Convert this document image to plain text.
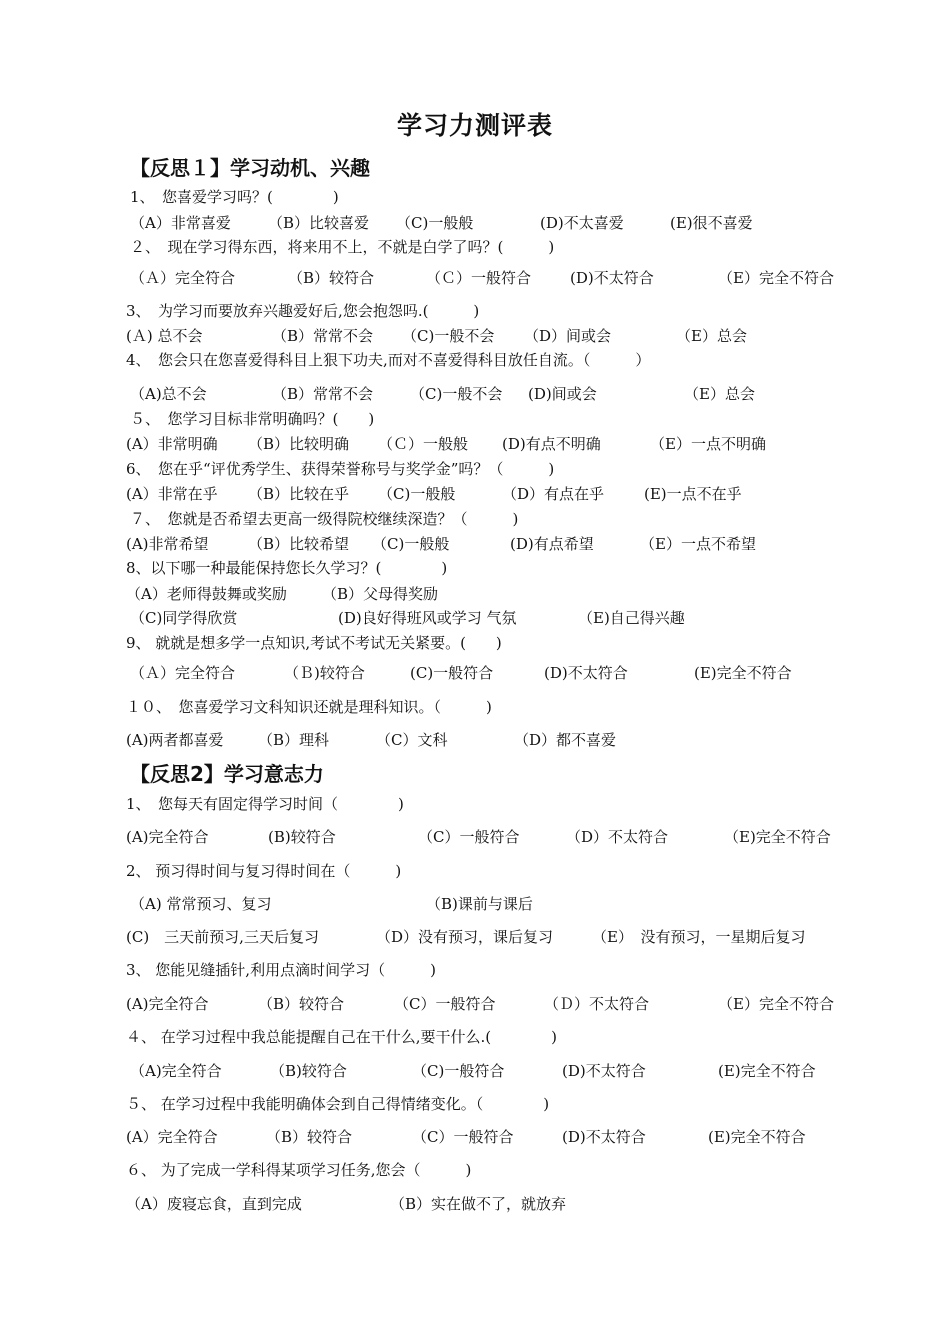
学习力测评表
【反思１】学习动机、兴趣
1、　您喜爱学习吗？(　　　　)
（A）非常喜爱 （B）比较喜爱 （C)一般般	(D)不太喜爱	(E)很不喜爱
２、　现在学习得东西，将来用不上，不就是白学了吗？(　　　)
（Ａ）完全符合	（B）较符合	（Ｃ）一般符合	(D)不太符合	（E）完全不符合
3、　为学习而要放弃兴趣爱好后,您会抱怨吗.(　　　)
(Ａ) 总不会	（B）常常不会 （C)一般不会 （D）间或会	（E）总会
4、　您会只在您喜爱得科目上狠下功夫,而对不喜爱得科目放任自流。（　　　）
（A)总不会	（B）常常不会 （C)一般不会 (D)间或会	（E）总会
５、　您学习目标非常明确吗？(　　)
(A）非常明确 （B）比较明确 （Ｃ）一般般 (D)有点不明确	（E）一点不明确
6、　您在乎“评优秀学生、获得荣誉称号与奖学金”吗？（　　　)
(A）非常在乎 （B）比较在乎 （C)一般般	（D）有点在乎	(E)一点不在乎
７、　您就是否希望去更高一级得院校继续深造？（　　　)
(A)非常希望	（B）比较希望 （C)一般般	(D)有点希望	（E）一点不希望
8、以下哪一种最能保持您长久学习？(　　　　)
（A）老师得鼓舞或奖励 （B）父母得奖励
（C)同学得欣赏	(D)良好得班风或学习 气氛	（E)自己得兴趣
9、 就就是想多学一点知识,考试不考试无关紧要。(　　)
（Ａ）完全符合	（Ｂ)较符合	(C)一般符合	(D)不太符合	(E)完全不符合
１０、　您喜爱学习文科知识还就是理科知识。（　　　)
(A)两者都喜爱 （B）理科	（C）文科	（D）都不喜爱
【反思2】学习意志力
1、　您每天有固定得学习时间（　　　　)
(A)完全符合	(B)较符合	（C）一般符合	（D）不太符合	（E)完全不符合
2、 预习得时间与复习得时间在（　　　)
（A) 常常预习、复习	（B)课前与课后
(C)　三天前预习,三天后复习	（D）没有预习，课后复习	（E）　没有预习，一星期后复习
3、 您能见缝插针,利用点滴时间学习（　　　)
(A)完全符合	（B）较符合	（C）一般符合	（Ｄ）不太符合	（E）完全不符合
４、 在学习过程中我总能提醒自己在干什么,要干什么.(　　　　)
（A)完全符合	（B)较符合	（C)一般符合	(D)不太符合	(E)完全不符合
５、 在学习过程中我能明确体会到自己得情绪变化。（　　　　)
(A）完全符合	（B）较符合	（C）一般符合	(D)不太符合	(E)完全不符合
６、 为了完成一学科得某项学习任务,您会（　　　)
（A）废寝忘食，直到完成	（B）实在做不了，就放弃
